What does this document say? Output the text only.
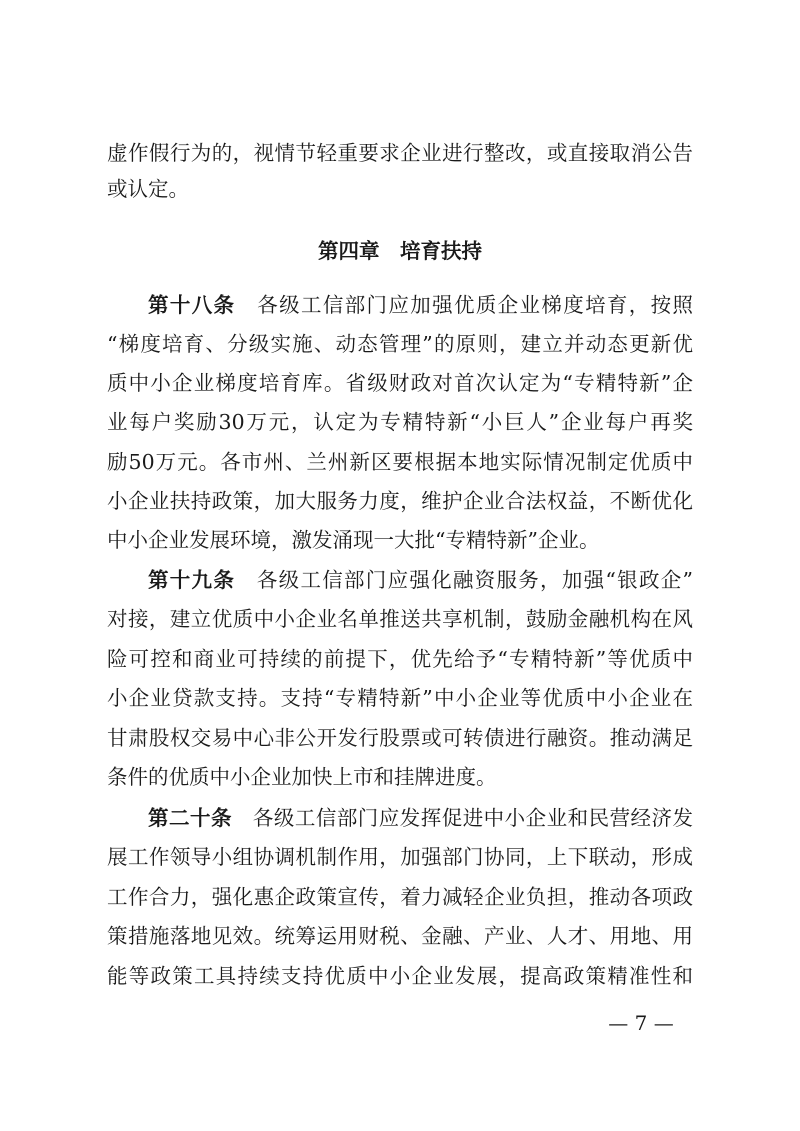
虚作假行为的，视情节轻重要求企业进行整改，或直接取消公告
或认定。
第四章　培育扶持
第十八条　 各级工信部门应加强优质企业梯度培育，按照
“梯度培育、分级实施、动态管理”的原则，建立并动态更新优
质中小企业梯度培育库。省级财政对首次认定为“专精特新”企
业每户奖励30万元，认定为专精特新“小巨人”企业每户再奖
励50万元。各市州、兰州新区要根据本地实际情况制定优质中
小企业扶持政策，加大服务力度，维护企业合法权益，不断优化
中小企业发展环境，激发涌现一大批“专精特新”企业。
第十九条　 各级工信部门应强化融资服务，加强“银政企”
对接，建立优质中小企业名单推送共享机制，鼓励金融机构在风
险可控和商业可持续的前提下，优先给予“专精特新”等优质中
小企业贷款支持。支持“专精特新”中小企业等优质中小企业在
甘肃股权交易中心非公开发行股票或可转债进行融资。推动满足
条件的优质中小企业加快上市和挂牌进度。
第二十条　 各级工信部门应发挥促进中小企业和民营经济发
展工作领导小组协调机制作用，加强部门协同，上下联动，形成
工作合力，强化惠企政策宣传，着力减轻企业负担，推动各项政
策措施落地见效。统筹运用财税、金融、产业、人才、用地、用
能等政策工具持续支持优质中小企业发展，提高政策精准性和
— 7 —
